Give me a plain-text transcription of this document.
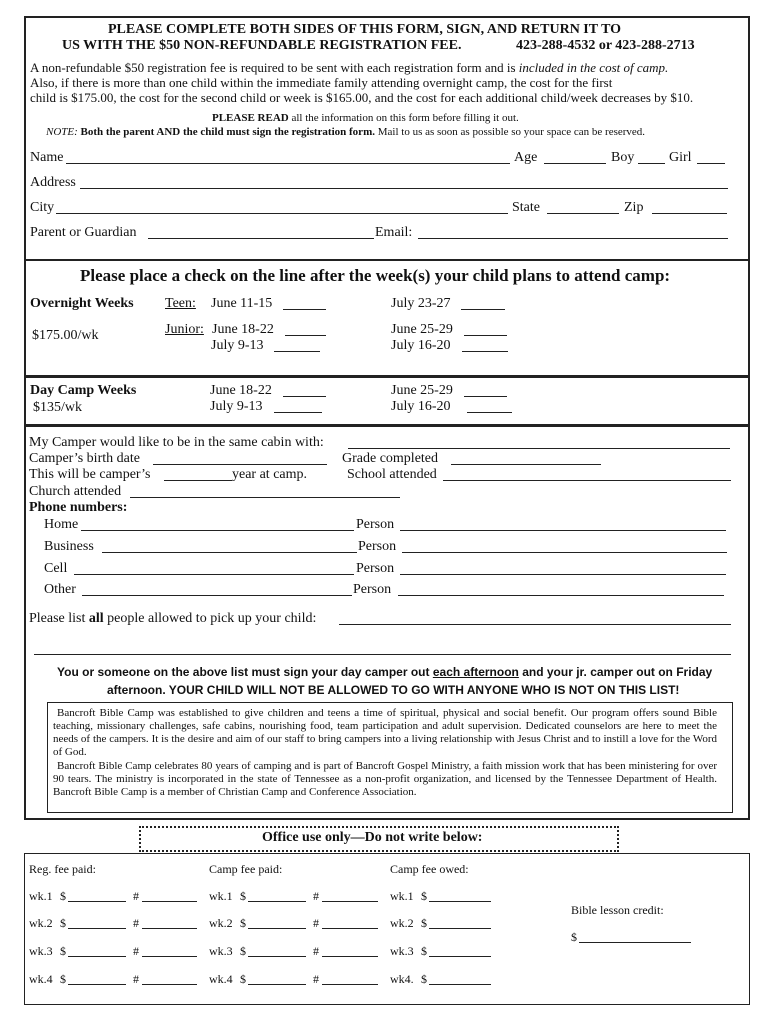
PLEASE COMPLETE BOTH SIDES OF THIS FORM, SIGN, AND RETURN IT TO
US WITH THE $50 NON-REFUNDABLE REGISTRATION FEE.	423-288-4532 or 423-288-2713
A non-refundable $50 registration fee is required to be sent with each registration form and is included in the cost of camp.
Also, if there is more than one child within the immediate family attending overnight camp, the cost for the first
child is $175.00, the cost for the second child or week is $165.00, and the cost for each additional child/week decreases by $10.
PLEASE READ all the information on this form before filling it out.
NOTE: Both the parent AND the child must sign the registration form. Mail to us as soon as possible so your space can be reserved.
Name	Age	Boy Girl
Address
City	State	Zip
Parent or Guardian	Email:
Please place a check on the line after the week(s) your child plans to attend camp:
Overnight Weeks
$175.00/wk
Teen: June 11-15	July 23-27
Junior: June 18-22	June 25-29
July 9-13	July 16-20
Day Camp Weeks
$135/wk
June 18-22	June 25-29
July 9-13	July 16-20
My Camper would like to be in the same cabin with:
Camper’s birth date	Grade completed
This will be camper’s	year at camp.	School attended
Church attended
Phone numbers:
Home	Person
Business	Person
Cell	Person
Other	Person
Please list all people allowed to pick up your child:
You or someone on the above list must sign your day camper out each afternoon and your jr. camper out on Friday
afternoon. YOUR CHILD WILL NOT BE ALLOWED TO GO WITH ANYONE WHO IS NOT ON THIS LIST!
Bancroft Bible Camp was established to give children and teens a time of spiritual, physical and social benefit. Our program offers sound Bible teaching, missionary challenges, safe cabins, nourishing food, team participation and adult supervision. Dedicated counselors are here to meet the needs of the campers. It is the desire and aim of our staff to bring campers into a living relationship with Jesus Christ and to instill a love for the Word of God.
Bancroft Bible Camp celebrates 80 years of camping and is part of Bancroft Gospel Ministry, a faith mission work that has been ministering for over 90 tears. The ministry is incorporated in the state of Tennessee as a non-profit organization, and licensed by the Tennessee Department of Health. Bancroft Bible Camp is a member of Christian Camp and Conference Association.
Office use only—Do not write below:
Reg. fee paid:	Camp fee paid:	Camp fee owed:
wk.1 $	#	wk.1 $	#	wk.1 $
wk.2 $	#	wk.2 $	#	wk.2 $
wk.3 $	#	wk.3 $	#	wk.3 $
wk.4 $	#	wk.4 $	#	wk4. $
Bible lesson credit:
$
